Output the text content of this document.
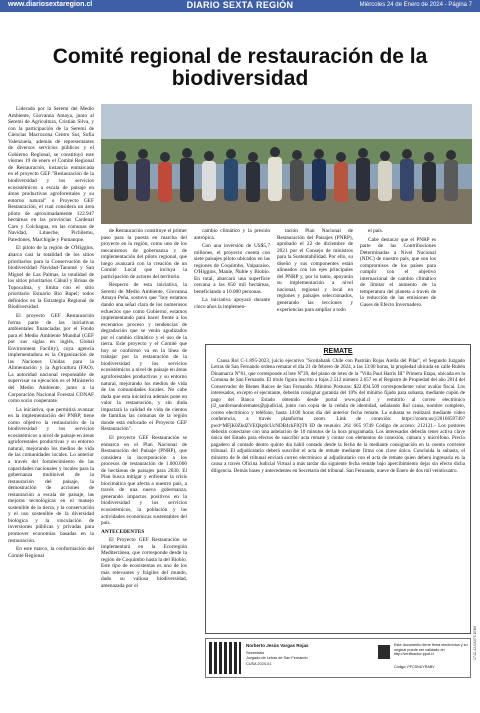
www.diariosextaregion.cl	DIARIO SEXTA REGIÓN	Miércoles 24 de Enero de 2024 - Página 7
Comité regional de restauración de la biodiversidad

Liderado por la Seremi del Medio Ambiente, Giovanna Amaya, junto al Seremi de Agricultura, Cristián Silva, y con la participación de la Seremi de Ciencias Macrozona Centro Sur, Sofía Valenzuela, además de representantes de diversos servicios públicos y el Gobierno Regional, se constituyó este viernes 19 de enero el Comité Regional de Restauración, instancia enmarcada en el proyecto GEF "Restauración de la biodiversidad y los servicios ecosistémicos a escala de paisaje en áreas productivas agroforestales y su entorno natural" o Proyecto GEF Restauración, el cual considera un área piloto de aproximadamente 122.947 hectáreas en las provincias Cardenal Caro y Colchagua, en las comunas de Navidad, Litueche, Pichilemu, Paredones, Marchigüe y Pumanque.

El piloto de la región de O'Higgins, abarca casi la totalidad de los sitios prioritarios para la Conservación de la biodiversidad Navidad-Tanumé y San Miguel de Las Palmas, la totalidad de los sitios prioritarios Cáhuil y Brisas de Topocalma, y limita con el sitio prioritario Estuario Río Rapel; todos definidos en la Estrategia Regional de Biodiversidad.

El proyecto GEF Restauración forma parte de las iniciativas ambientales financiadas por el Fondo para el Medio Ambiente Mundial (GEF por sus siglas en inglés, Global Environment Facility), cuya agencia implementadora es la Organización de las Naciones Unidas para la Alimentación y la Agricultura (FAO). La autoridad nacional responsable de supervisar su ejecución es el Ministerio del Medio Ambiente, junto a la Corporación Nacional Forestal CONAF como socio cooperante.

La iniciativa, que permitirá avanzar en la implementación del PNRP, tiene como objetivo la restauración de la biodiversidad y los servicios ecosistémicos a nivel de paisaje en áreas agroforestales productivas y su entorno natural, mejorando los medios de vida de las comunidades locales. Lo anterior a través del fortalecimiento de las capacidades nacionales y locales para la gobernanza multinivel de la restauración del paisaje, la demostración de acciones de restauración a escala de paisaje, las mejoras tecnológicas en el manejo sostenible de la tierra, y la conservación y el uso sostenible de la diversidad biológica y la vinculación de inversiones públicas y privadas para promover economías basadas en la restauración.

En este marco, la conformación del Comité Regional

de Restauración constituye el primer paso para la puesta en marcha del proyecto en la región, como uno de los mecanismos de gobernanza y de implementación del piloto regional, que luego avanzará con la creación de un Comité Local que incluya la participación de actores del territorio.

Respecto de esta iniciativa, la Seremi de Medio Ambiente, Giovanna Amaya Peña, sostuvo que "hoy estamos dando una señal clara de los numerosos esfuerzos que como Gobierno, estamos implementando para hacer frente a los escenarios proceso y tendencias de degradación que se verán agudizados por el cambio climático y el uso de la tierra. Este proyecto y el Comité que hoy se conformó va en la línea de trabajar por la restauración de la biodiversidad y los servicios ecosistémicos a nivel de paisaje en áreas agroforestales productivas y su entorno natural, mejorando los medios de vida de las comunidades locales. No cabe duda que esta iniciativa además pone en valor la restauración, y sin duda impactará la calidad de vida de cientos de familias las comunas de la región donde está enfocado el Proyecto GEF Restauración".

El proyecto GEF Restauración se enmarca en el Plan Nacional de Restauración del Paisaje (PNRP), que considera la incorporación a los procesos de restauración de 1.000.000 de hectáreas de paisajes para 2030. El Plan busca mitigar y enfrentar la crisis biocimática que afecta a nuestro país, a través de una nueva gobernanza, generando impactos positivos en la biodiversidad y los servicios ecosistémicos, la población y las actividades económicas sustentables del país.

ANTECEDENTES

El Proyecto GEF Restauración se implementará en la Ecorregión Mediterránea, que corresponde desde la región de Coquimbo hasta la del Biobío. Este tipo de ecosistemas es uno de los más relevantes y frágiles del mundo, dado su valiosa biodiversidad, amenazada por el

cambio climático y la presión antrópica.

Con una inversión de US$5,7 millones, el proyecto cuenta con siete paisajes piloto ubicados en las regiones de Coquimbo, Valparaíso, O'Higgins, Maule, Ñuble y Biobío. En total, abarcará una superficie cercana a las 650 mil hectáreas, beneficiando a 10.000 personas.

La iniciativa apoyará durante cinco años la implemen-

tación Plan Nacional de Restauración del Paisajes (PNRP), aprobado el 22 de diciembre de 2021 por el Consejo de ministros para la Sustentabilidad. Por ello, su diseño y sus componentes están alineados con los ejes principales del PNRP y, por lo tanto, apoyarán su implementación a nivel nacional, regional y local en regiones y paisajes seleccionados, generando las lecciones y experiencias para ampliar a todo

el país.

Cabe destacar que el PNRP es parte de las Contribuciones Determinadas a Nivel Nacional (NDC) de nuestro país, que son los compromisos de los países para cumplir con el objetivo internacional de cambio climático de limitar el aumento de la temperatura del planeta a través de la reducción de las emisiones de Gases de Efecto Invernadero.

REMATE
Causa Rol C-1.895-2023, juicio ejecutivo "Scotiabank Chile con Pastrián Rojas Arella del Pilar", el Segundo Juzgado Letras de San Fernando ordena rematar el día 21 de febrero de 2024, a las 13:00 horas, la propiedad ubicada en calle Rubén Dinamarca N°81, que corresponde al lote N°39, del plano de lotes de la "Villa Paul Harris III" Primera Etapa, ubicada en la Comuna de San Fernando. El título figura inscrito a fojas 2.512 número 2.657 en el Registro de Propiedad del año 2014 del Conservador de Bienes Raíces de San Fernando. Mínimo Posturas: $22.094.509 correspondiente valor avalúo fiscal. Los interesados, excepto el ejecutante, deberán consignar garantía del 10% del mínimo fijado para subasta, mediante cupón de pago del Banco Estado obtenido desde portal www.pjud.cl y remitirlo al correo electrónico jl2_sanfernandoremates@pjudicial, junto con copia de la cédula de identidad, señalando Rol causa, nombre completo, correo electrónico y teléfono, hasta 14:00 horas día del anterior fecha remate. La subasta se realizará mediante video conferencia, a través plataforma zoom. Link de conexión: https://zoom.us/j/2616659749?pwd=MFjK0ZkdZVEQkp6cUcNDB4ckFIQT0 ID de reunión: 261 665 9749 Código de acceso: 212121.- Los postores deberán conectarse con una antelación de 10 minutos de la hora programada. Los interesados deberán tener activa clave única del Estado para efectos de suscribir acta remate y contar con elementos de conexión, cámara y micrófono. Precio pagadero al contado dentro quinto día hábil contado desde la fecha de la mediante consignación en la cuenta corriente tribunal. El adjudicatario deberá suscribir el acta de remate mediante firma con clave única. Concluida la subasta, el ministro de fe del tribunal enviará correo electrónico al adjudicatario con el acta de remate quien deberá ingresarla en la causa a través Oficina Judicial Virtual a más tardar día siguiente fecha remate bajo apercibimiento dejar sin efecto dicha diligencia. Demás bases y antecedentes en Secretaría del tribunal. San Fernando, nueve de Enero de dos mil veinticuatro.
Norberto Jesús Vargas Rojas
Secretario
Juzgado de Letras de San Fernando
CUSA 2024-01
Este documento tiene firma electrónica y su original puede ser validado en http://verificadoc.pjud.cl
Código: PFCDNUYRABV
1742-42-0A07C1EB9
